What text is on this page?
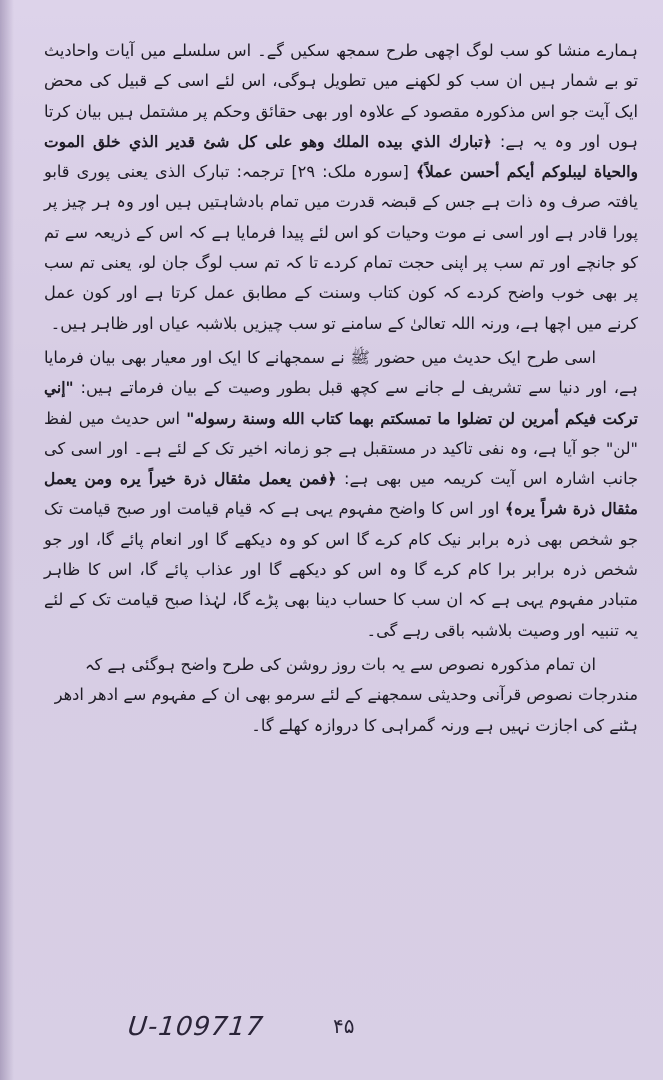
ہمارے منشا کو سب لوگ اچھی طرح سمجھ سکیں گے۔ اس سلسلے میں آیات واحادیث تو بے شمار ہیں ان سب کو لکھنے میں تطویل ہوگی، اس لئے اسی کے قبیل کی محض ایک آیت جو اس مذکورہ مقصود کے علاوہ اور بھی حقائق وحکم پر مشتمل ہیں بیان کرتا ہوں اور وہ یہ ہے: ﴿تبارك الذي بيده الملك وهو على كل شئ قدير الذي خلق الموت والحياة ليبلوكم أيكم أحسن عملاً﴾ [سورہ ملک: ۲۹] ترجمہ: تبارک الذی یعنی پوری قابو یافتہ صرف وہ ذات ہے جس کے قبضہ قدرت میں تمام بادشاہتیں ہیں اور وہ ہر چیز پر پورا قادر ہے اور اسی نے موت وحیات کو اس لئے پیدا فرمایا ہے کہ اس کے ذریعہ سے تم کو جانچے اور تم سب پر اپنی حجت تمام کردے تا کہ تم سب لوگ جان لو، یعنی تم سب پر بھی خوب واضح کردے کہ کون کتاب وسنت کے مطابق عمل کرتا ہے اور کون عمل کرنے میں اچھا ہے، ورنہ اللہ تعالیٰ کے سامنے تو سب چیزیں بلاشبہ عیاں اور ظاہر ہیں۔

اسی طرح ایک حدیث میں حضور ﷺ نے سمجھانے کا ایک اور معیار بھی بیان فرمایا ہے، اور دنیا سے تشریف لے جانے سے کچھ قبل بطور وصیت کے بیان فرماتے ہیں: "إني تركت فيكم أمرين لن تضلوا ما تمسكتم بهما كتاب الله وسنة رسوله" اس حدیث میں لفظ "لن" جو آیا ہے، وہ نفی تاکید در مستقبل ہے جو زمانہ اخیر تک کے لئے ہے۔ اور اسی کی جانب اشارہ اس آیت کریمہ میں بھی ہے: ﴿فمن يعمل مثقال ذرة خيراً يره ومن يعمل مثقال ذرة شراً يره﴾ اور اس کا واضح مفہوم یہی ہے کہ قیام قیامت اور صبح قیامت تک جو شخص بھی ذرہ برابر نیک کام کرے گا اس کو وہ دیکھے گا اور انعام پائے گا، اور جو شخص ذرہ برابر برا کام کرے گا وہ اس کو دیکھے گا اور عذاب پائے گا، اس کا ظاہر متبادر مفہوم یہی ہے کہ ان سب کا حساب دینا بھی پڑے گا، لہٰذا صبح قیامت تک کے لئے یہ تنبیہ اور وصیت بلاشبہ باقی رہے گی۔

ان تمام مذکورہ نصوص سے یہ بات روز روشن کی طرح واضح ہوگئی ہے کہ مندرجات نصوص قرآنی وحدیثی سمجھنے کے لئے سرمو بھی ان کے مفہوم سے ادھر ادھر ہٹنے کی اجازت نہیں ہے ورنہ گمراہی کا دروازہ کھلے گا۔

U-109717	۴۵
